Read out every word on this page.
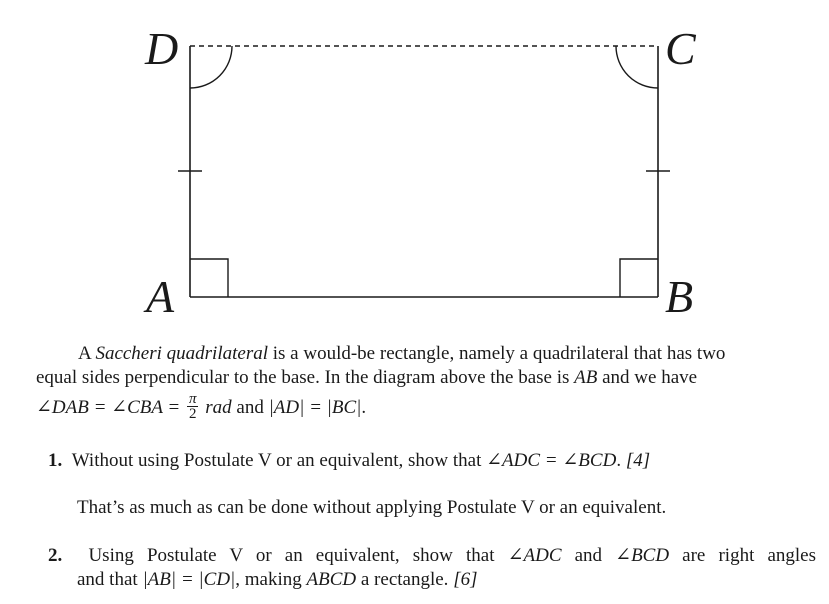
D	C
A	B
A Saccheri quadrilateral is a would-be rectangle, namely a quadrilateral that has two
equal sides perpendicular to the base. In the diagram above the base is AB and we have
∠DAB = ∠CBA = $\frac{\pi}{2}$ rad and |AD| = |BC|.
1. Without using Postulate V or an equivalent, show that ∠ADC = ∠BCD. [4]
That’s as much as can be done without applying Postulate V or an equivalent.
2. Using Postulate V or an equivalent, show that ∠ADC and ∠BCD are right angles
and that |AB| = |CD|, making ABCD a rectangle. [6]
